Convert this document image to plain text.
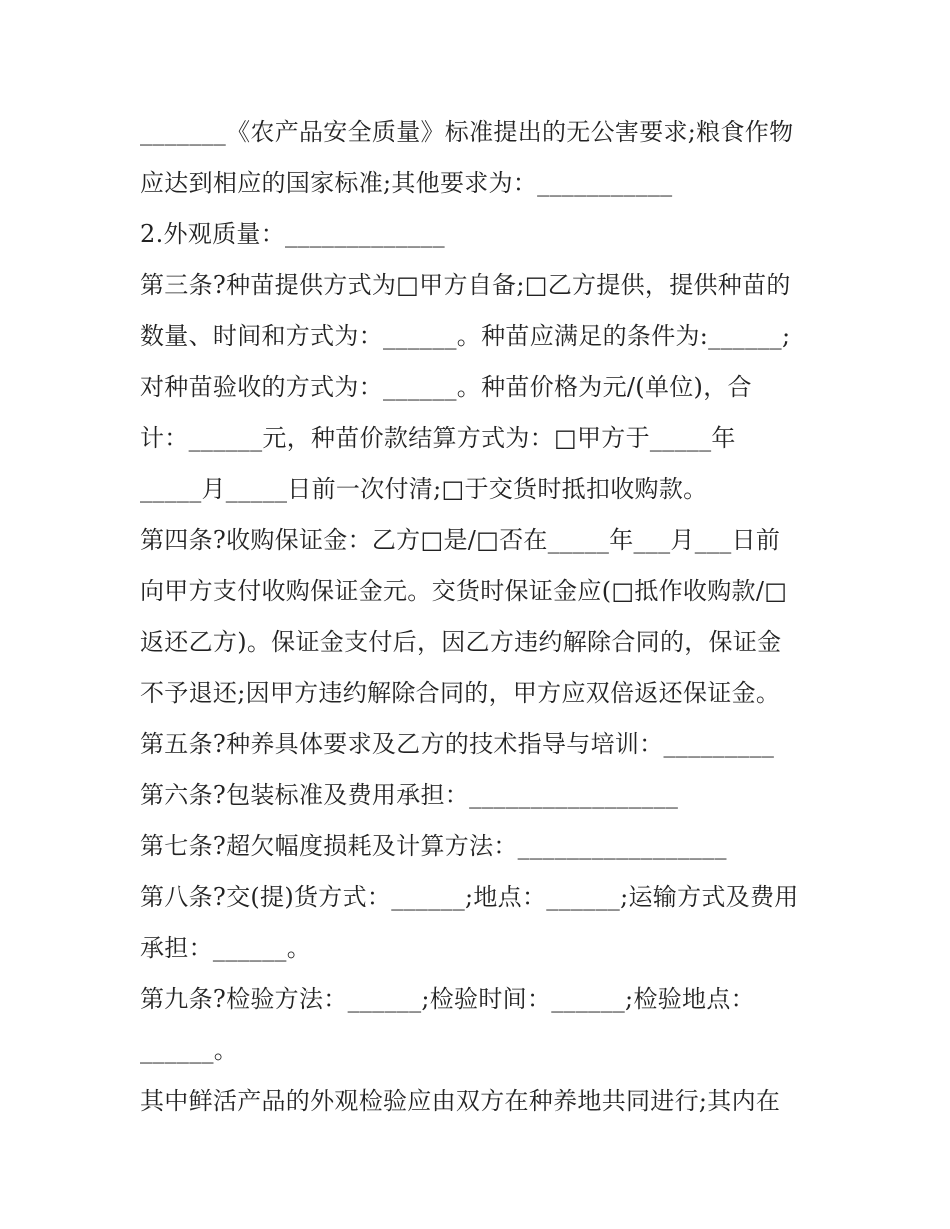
_______《农产品安全质量》标准提出的无公害要求;粮食作物
应达到相应的国家标准;其他要求为：___________
2.外观质量：_____________
第三条?种苗提供方式为□甲方自备;□乙方提供，提供种苗的
数量、时间和方式为：______。种苗应满足的条件为:______;
对种苗验收的方式为：______。种苗价格为元/(单位)，合
计：______元，种苗价款结算方式为：□甲方于_____年
_____月_____日前一次付清;□于交货时抵扣收购款。
第四条?收购保证金：乙方□是/□否在_____年___月___日前
向甲方支付收购保证金元。交货时保证金应(□抵作收购款/□
返还乙方)。保证金支付后，因乙方违约解除合同的，保证金
不予退还;因甲方违约解除合同的，甲方应双倍返还保证金。
第五条?种养具体要求及乙方的技术指导与培训：_________
第六条?包装标准及费用承担：_________________
第七条?超欠幅度损耗及计算方法：_________________
第八条?交(提)货方式：______;地点：______;运输方式及费用
承担：______。
第九条?检验方法：______;检验时间：______;检验地点：
______。
其中鲜活产品的外观检验应由双方在种养地共同进行;其内在
